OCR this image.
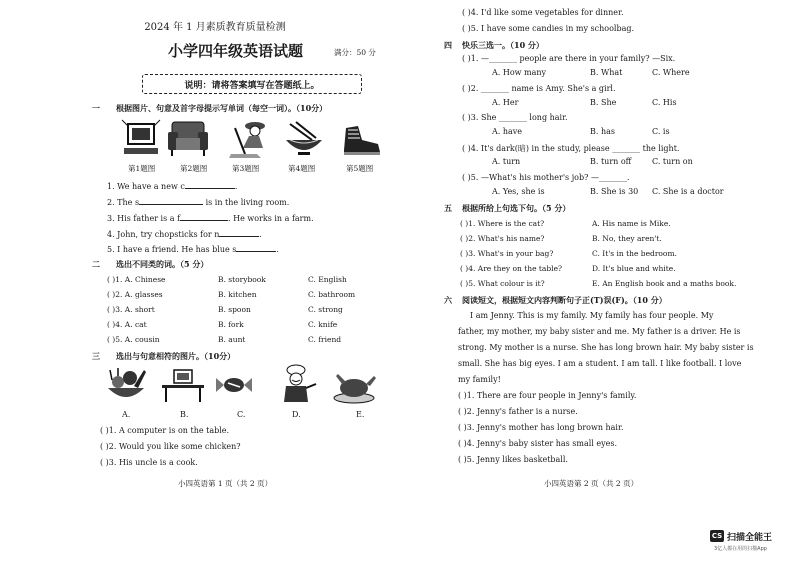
2024 年 1 月素质教育质量检测
小学四年级英语试题	满分：50 分
说明：请将答案填写在答题纸上。
一 根据图片、句意及首字母提示写单词（每空一词）。（10分）
第1题图	第2题图	第3题图	第4题图	第5题图
1. We have a new c	.
2. The s	is in the living room.
3. His father is a f	. He works in a farm.
4. John, try chopsticks for n	.
5. I have a friend. He has blue s	.
二 选出不同类的词。（5 分）
( )1. A. Chinese	B. storybook	C. English
( )2. A. glasses	B. kitchen	C. bathroom
( )3. A. short	B. spoon	C. strong
( )4. A. cat	B. fork	C. knife
( )5. A. cousin	B. aunt	C. friend
三 选出与句意相符的图片。（10分）
A.	B.	C.	D.	E.
( )1. A computer is on the table.
( )2. Would you like some chicken?
( )3. His uncle is a cook.
小四英语第 1 页（共 2 页）
( )4. I'd like some vegetables for dinner.
( )5. I have some candies in my schoolbag.
四 快乐三选一。（10 分）
( )1. —_______ people are there in your family? —Six.
A. How many	B. What	C. Where
( )2. _______ name is Amy. She's a girl.
A. Her	B. She	C. His
( )3. She _______ long hair.
A. have	B. has	C. is
( )4. It's dark(暗) in the study, please _______ the light.
A. turn	B. turn off	C. turn on
( )5. —What's his mother's job? —_______.
A. Yes, she is	B. She is 30 C. She is a doctor
五 根据所给上句选下句。（5 分）
( )1. Where is the cat?	A. His name is Mike.
( )2. What's his name?	B. No, they aren't.
( )3. What's in your bag?	C. It's in the bedroom.
( )4. Are they on the table?	D. It's blue and white.
( )5. What colour is it?	E. An English book and a maths book.
六 阅读短文，根据短文内容判断句子正(T)误(F)。（10 分）
I am Jenny. This is my family. My family has four people. My
father, my mother, my baby sister and me. My father is a driver. He is
strong. My mother is a nurse. She has long brown hair. My baby sister is
small. She has big eyes. I am a student. I am tall. I like football. I love
my family!
( )1. There are four people in Jenny's family.
( )2. Jenny's father is a nurse.
( )3. Jenny's mother has long brown hair.
( )4. Jenny's baby sister has small eyes.
( )5. Jenny likes basketball.
小四英语第 2 页（共 2 页）
CS 扫描全能王
3亿人都在用的扫描App
